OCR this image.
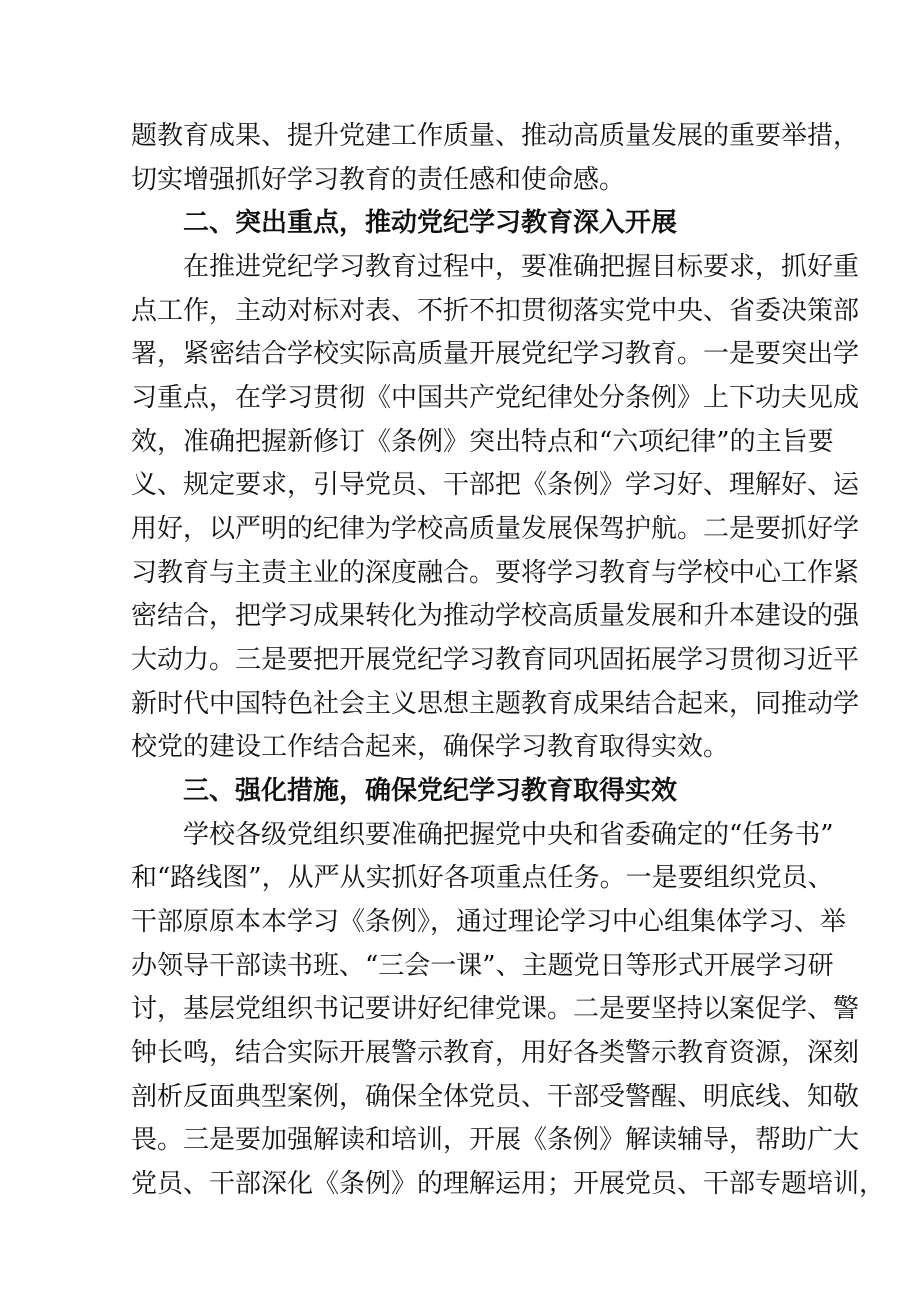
题教育成果、提升党建⼯作质量、推动高质量发展的重要举措，
切实增强抓好学习教育的责任感和使命感。
二、突出重点，推动党纪学习教育深入开展
在推进党纪学习教育过程中，要准确把握目标要求，抓好重
点工作，主动对标对表、不折不扣贯彻落实党中央、省委决策部
署，紧密结合学校实际高质量开展党纪学习教育。一是要突出学
习重点，在学习贯彻《中国共产党纪律处分条例》上下功夫见成
效，准确把握新修订《条例》突出特点和“六项纪律”的主旨要
义、规定要求，引导党员、干部把《条例》学习好、理解好、运
用好，以严明的纪律为学校高质量发展保驾护航。二是要抓好学
习教育与主责主业的深度融合。要将学习教育与学校中心工作紧
密结合，把学习成果转化为推动学校高质量发展和升本建设的强
大动力。三是要把开展党纪学习教育同巩固拓展学习贯彻习近平
新时代中国特色社会主义思想主题教育成果结合起来，同推动学
校党的建设工作结合起来，确保学习教育取得实效。
三、强化措施，确保党纪学习教育取得实效
学校各级党组织要准确把握党中央和省委确定的“任务书”
和“路线图”，从严从实抓好各项重点任务。一是要组织党员、
干部原原本本学习《条例》，通过理论学习中心组集体学习、举
办领导干部读书班、“三会一课”、主题党日等形式开展学习研
讨，基层党组织书记要讲好纪律党课。二是要坚持以案促学、警
钟长鸣，结合实际开展警示教育，用好各类警示教育资源，深刻
剖析反面典型案例，确保全体党员、干部受警醒、明底线、知敬
畏。三是要加强解读和培训，开展《条例》解读辅导，帮助广大
党员、干部深化《条例》的理解运用；开展党员、干部专题培训，
